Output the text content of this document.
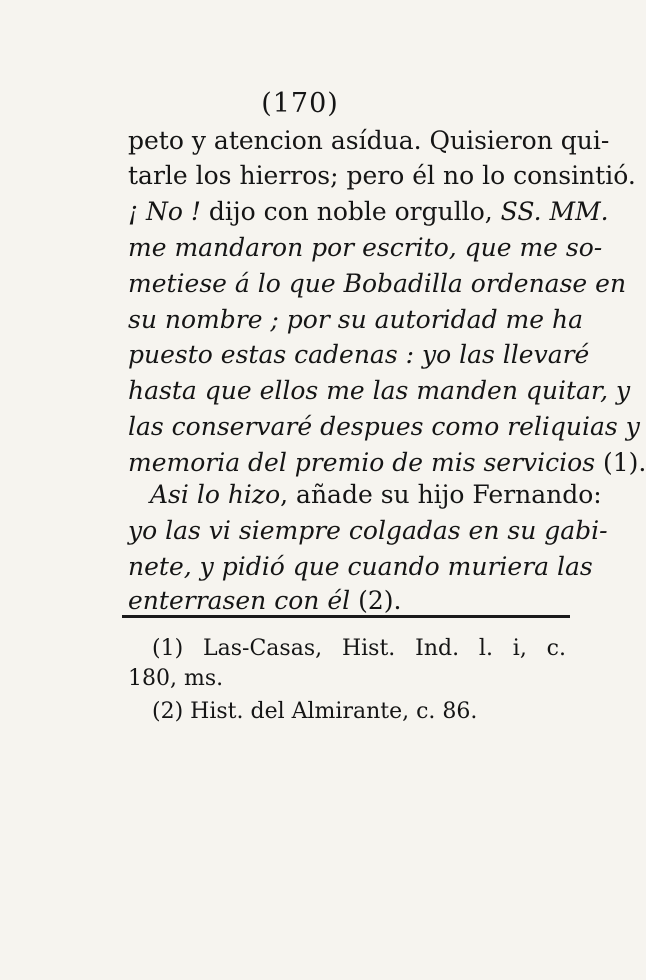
(170)
peto y atencion asídua. Quisieron qui-
tarle los hierros; pero él no lo consintió.
¡ No ! dijo con noble orgullo, SS. MM.
me mandaron por escrito, que me so-
metiese á lo que Bobadilla ordenase en
su nombre ; por su autoridad me ha
puesto estas cadenas : yo las llevaré
hasta que ellos me las manden quitar, y
las conservaré despues como reliquias y
memoria del premio de mis servicios (1).
Asi lo hizo, añade su hijo Fernando:
yo las vi siempre colgadas en su gabi-
nete, y pidió que cuando muriera las
enterrasen con él (2).
(1) Las-Casas, Hist. Ind. l. i, c.
180, ms.
(2) Hist. del Almirante, c. 86.
